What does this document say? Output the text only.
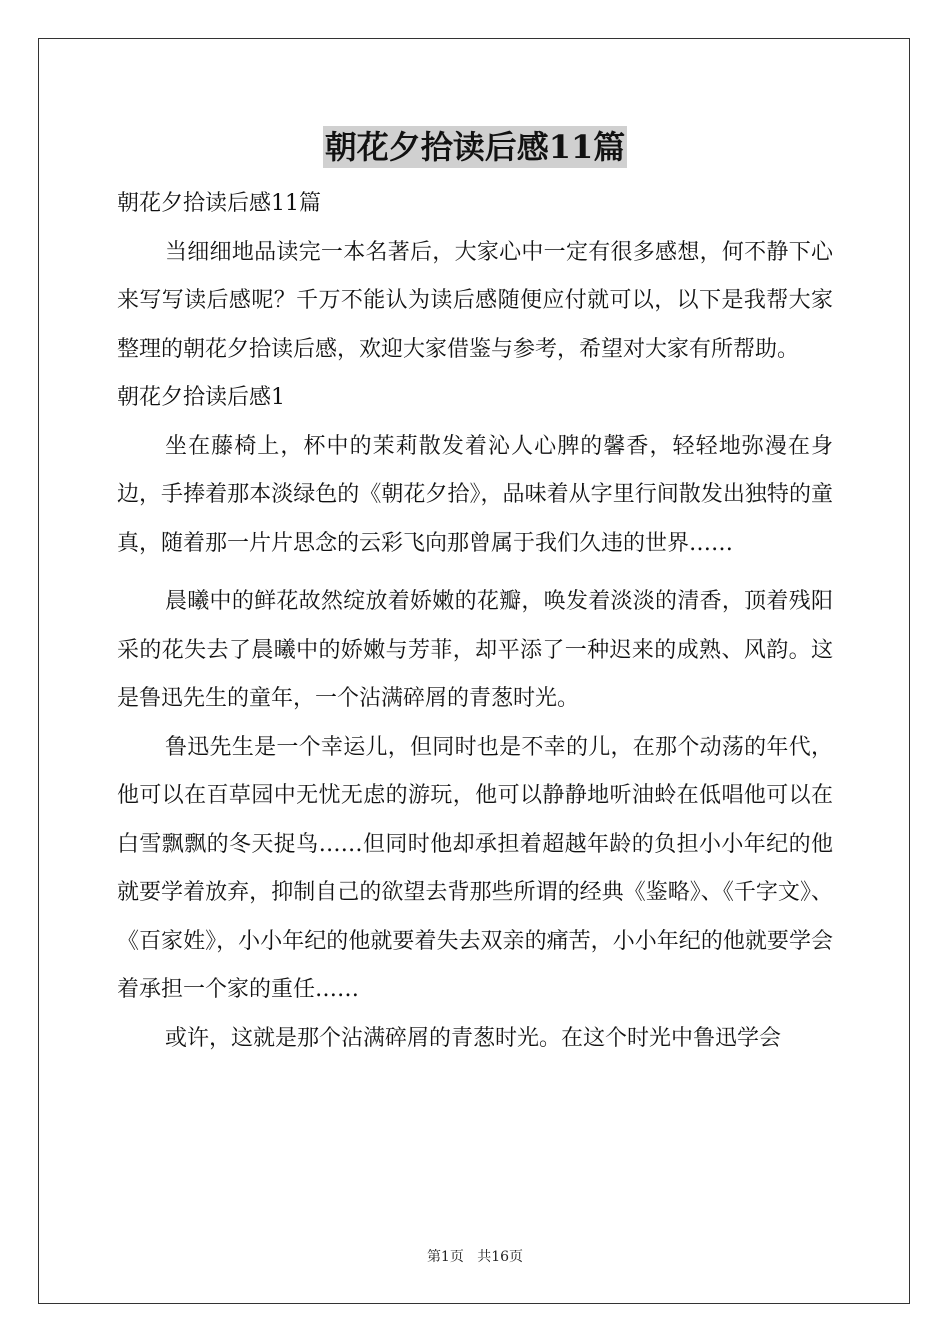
朝花夕拾读后感11篇

朝花夕拾读后感11篇

当细细地品读完一本名著后，大家心中一定有很多感想，何不静下心来写写读后感呢？千万不能认为读后感随便应付就可以，以下是我帮大家整理的朝花夕拾读后感，欢迎大家借鉴与参考，希望对大家有所帮助。

朝花夕拾读后感1

坐在藤椅上，杯中的茉莉散发着沁人心脾的馨香，轻轻地弥漫在身边，手捧着那本淡绿色的《朝花夕拾》，品味着从字里行间散发出独特的童真，随着那一片片思念的云彩飞向那曾属于我们久违的世界……

晨曦中的鲜花故然绽放着娇嫩的花瓣，唤发着淡淡的清香，顶着残阳采的花失去了晨曦中的娇嫩与芳菲，却平添了一种迟来的成熟、风韵。这是鲁迅先生的童年，一个沾满碎屑的青葱时光。

鲁迅先生是一个幸运儿，但同时也是不幸的儿，在那个动荡的年代，他可以在百草园中无忧无虑的游玩，他可以静静地听油蛉在低唱他可以在白雪飘飘的冬天捉鸟……但同时他却承担着超越年龄的负担小小年纪的他就要学着放弃，抑制自己的欲望去背那些所谓的经典《鉴略》、《千字文》、《百家姓》，小小年纪的他就要着失去双亲的痛苦，小小年纪的他就要学会着承担一个家的重任……

或许，这就是那个沾满碎屑的青葱时光。在这个时光中鲁迅学会

第1页 共16页
